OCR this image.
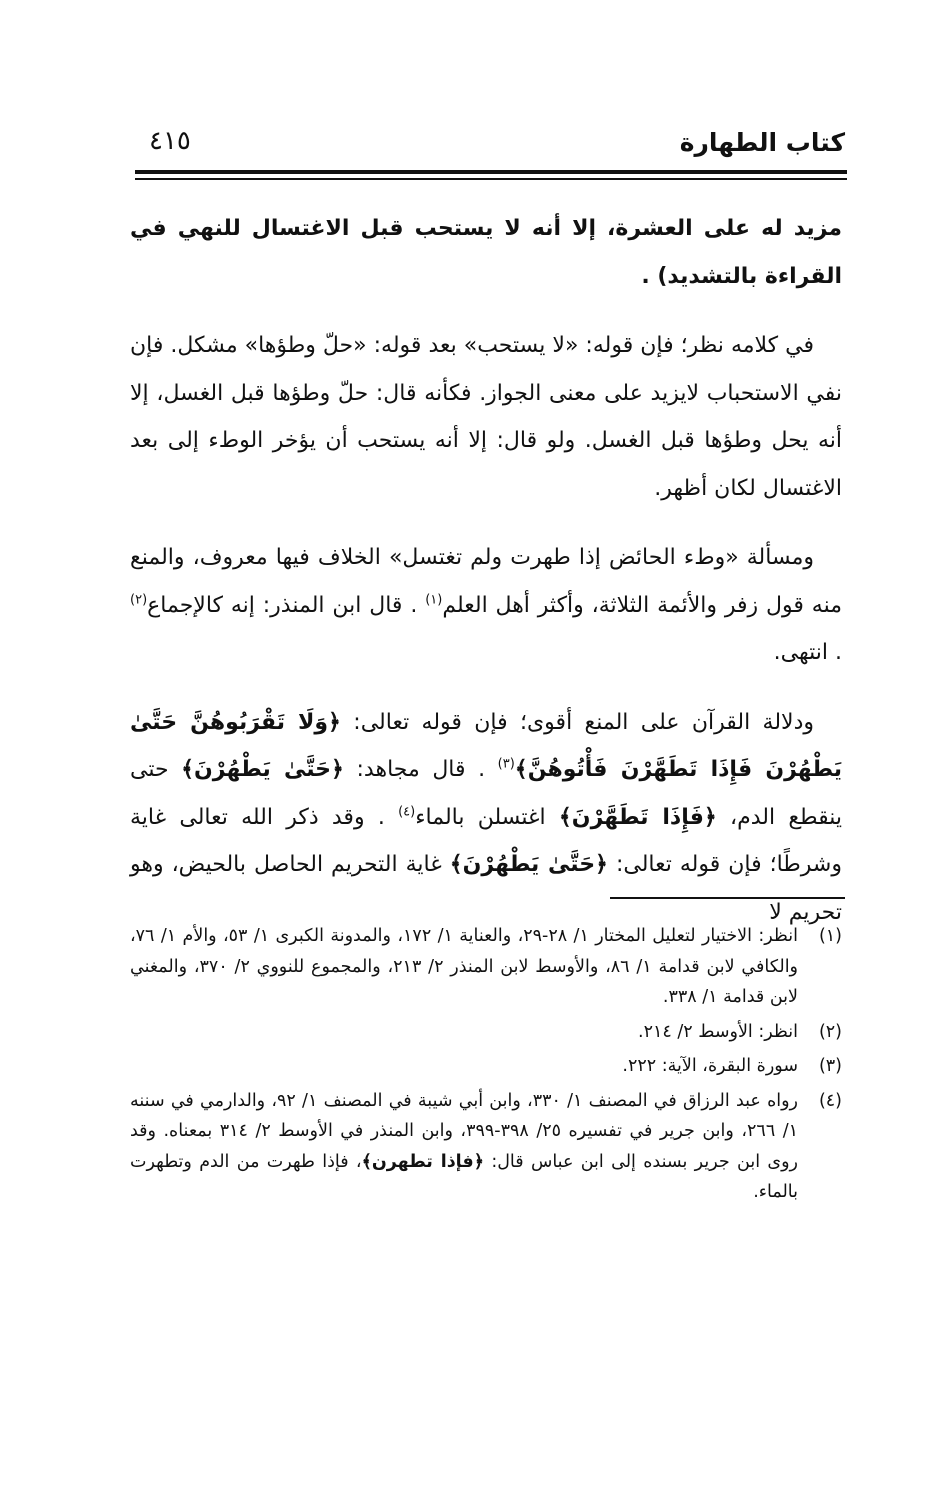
كتاب الطهارة
٤١٥

مزيد له على العشرة، إلا أنه لا يستحب قبل الاغتسال للنهي في القراءة بالتشديد) .

في كلامه نظر؛ فإن قوله: «لا يستحب» بعد قوله: «حلّ وطؤها» مشكل. فإن نفي الاستحباب لايزيد على معنى الجواز. فكأنه قال: حلّ وطؤها قبل الغسل، إلا أنه يحل وطؤها قبل الغسل. ولو قال: إلا أنه يستحب أن يؤخر الوطء إلى بعد الاغتسال لكان أظهر.

ومسألة «وطء الحائض إذا طهرت ولم تغتسل» الخلاف فيها معروف، والمنع منه قول زفر والأئمة الثلاثة، وأكثر أهل العلم$^{(١)}$ . قال ابن المنذر: إنه كالإجماع$^{(٢)}$ . انتهى.

ودلالة القرآن على المنع أقوى؛ فإن قوله تعالى: ﴿وَلَا تَقْرَبُوهُنَّ حَتَّىٰ يَطْهُرْنَ فَإِذَا تَطَهَّرْنَ فَأْتُوهُنَّ﴾$^{(٣)}$ . قال مجاهد: ﴿حَتَّىٰ يَطْهُرْنَ﴾ حتى ينقطع الدم، ﴿فَإِذَا تَطَهَّرْنَ﴾ اغتسلن بالماء$^{(٤)}$ . وقد ذكر الله تعالى غاية وشرطًا؛ فإن قوله تعالى: ﴿حَتَّىٰ يَطْهُرْنَ﴾ غاية التحريم الحاصل بالحيض، وهو تحريم لا

(١)
انظر: الاختيار لتعليل المختار ١/ ٢٨-٢٩، والعناية ١/ ١٧٢، والمدونة الكبرى ١/ ٥٣، والأم ١/ ٧٦، والكافي لابن قدامة ١/ ٨٦، والأوسط لابن المنذر ٢/ ٢١٣، والمجموع للنووي ٢/ ٣٧٠، والمغني لابن قدامة ١/ ٣٣٨.
(٢)
انظر: الأوسط ٢/ ٢١٤.
(٣)
سورة البقرة، الآية: ٢٢٢.
(٤)
رواه عبد الرزاق في المصنف ١/ ٣٣٠، وابن أبي شيبة في المصنف ١/ ٩٢، والدارمي في سننه ١/ ٢٦٦، وابن جرير في تفسيره ٢٥/ ٣٩٨-٣٩٩، وابن المنذر في الأوسط ٢/ ٣١٤ بمعناه. وقد روى ابن جرير بسنده إلى ابن عباس قال: ﴿فإذا تطهرن﴾، فإذا طهرت من الدم وتطهرت بالماء.
